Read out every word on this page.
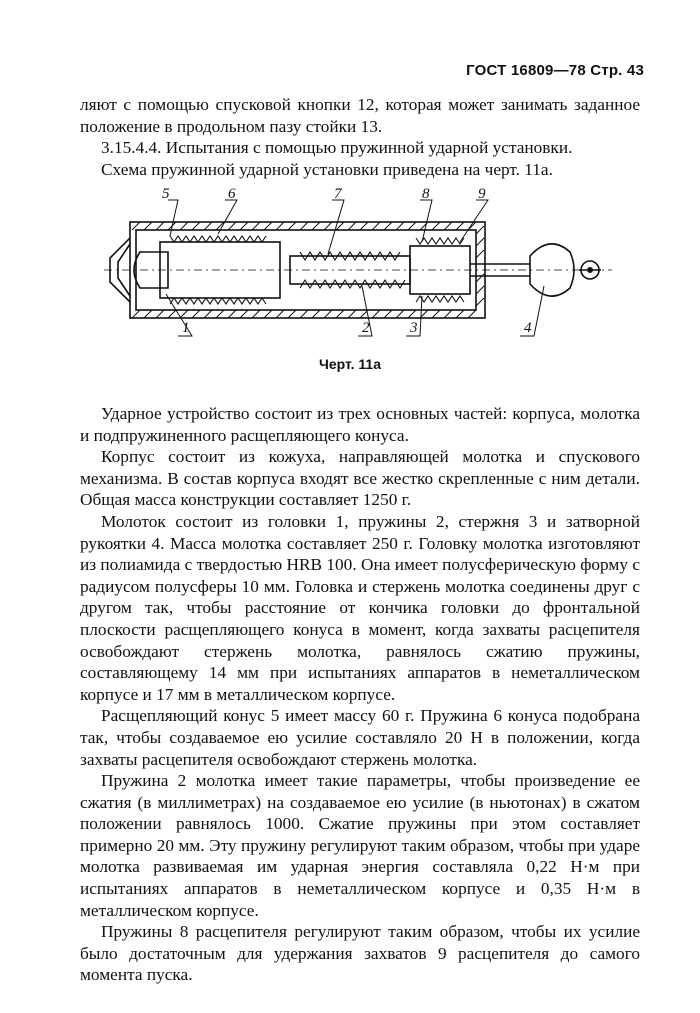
ГОСТ 16809—78 Стр. 43

ляют с помощью спусковой кнопки 12, которая может занимать заданное положение в продольном пазу стойки 13.

3.15.4.4. Испытания с помощью пружинной ударной установки.

Схема пружинной ударной установки приведена на черт. 11а.

5	6	7	8	9
1	2	3	4
Черт. 11а

Ударное устройство состоит из трех основных частей: корпуса, молотка и подпружиненного расщепляющего конуса.

Корпус состоит из кожуха, направляющей молотка и спускового механизма. В состав корпуса входят все жестко скрепленные с ним детали. Общая масса конструкции составляет 1250 г.

Молоток состоит из головки 1, пружины 2, стержня 3 и затворной рукоятки 4. Масса молотка составляет 250 г. Головку молотка изготовляют из полиамида с твердостью HRB 100. Она имеет полусферическую форму с радиусом полусферы 10 мм. Головка и стержень молотка соединены друг с другом так, чтобы расстояние от кончика головки до фронтальной плоскости расщепляющего конуса в момент, когда захваты расцепителя освобождают стержень молотка, равнялось сжатию пружины, составляющему 14 мм при испытаниях аппаратов в неметаллическом корпусе и 17 мм в металлическом корпусе.

Расщепляющий конус 5 имеет массу 60 г. Пружина 6 конуса подобрана так, чтобы создаваемое ею усилие составляло 20 Н в положении, когда захваты расцепителя освобождают стержень молотка.

Пружина 2 молотка имеет такие параметры, чтобы произведение ее сжатия (в миллиметрах) на создаваемое ею усилие (в ньютонах) в сжатом положении равнялось 1000. Сжатие пружины при этом составляет примерно 20 мм. Эту пружину регулируют таким образом, чтобы при ударе молотка развиваемая им ударная энергия составляла 0,22 Н·м при испытаниях аппаратов в неметаллическом корпусе и 0,35 Н·м в металлическом корпусе.

Пружины 8 расцепителя регулируют таким образом, чтобы их усилие было достаточным для удержания захватов 9 расцепителя до самого момента пуска.
